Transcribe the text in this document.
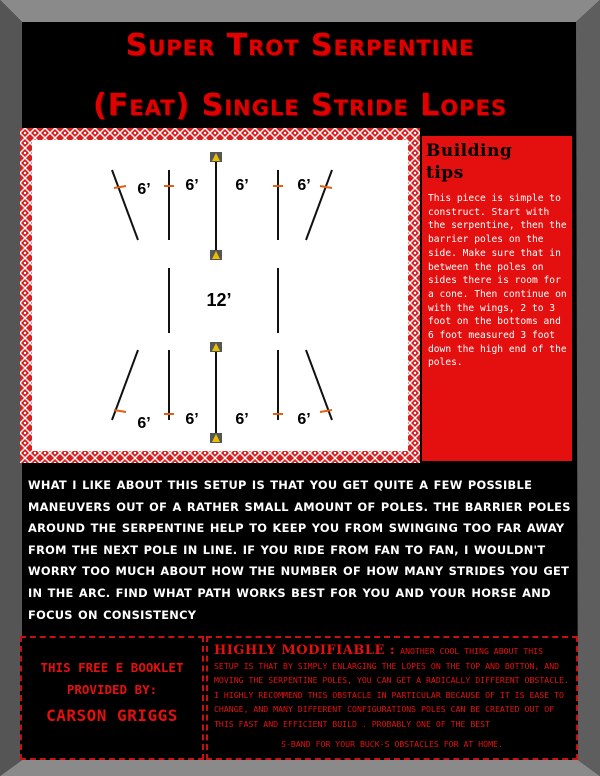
Super Trot Serpentine
(Feat) Single Stride Lopes
6’ 6’ 6’	6’
12’
6’ 6’ 6’	6’
Building
tips

This piece is simple to construct. Start with the serpentine, then the barrier poles on the side. Make sure that in between the poles on sides there is room for a cone. Then continue on with the wings, 2 to 3 foot on the bottoms and 6 foot measured 3 foot down the high end of the poles.

WHAT I LIKE ABOUT THIS SETUP IS THAT YOU GET QUITE A FEW POSSIBLE MANEUVERS OUT OF A RATHER SMALL AMOUNT OF POLES. THE BARRIER POLES AROUND THE SERPENTINE HELP TO KEEP YOU FROM SWINGING TOO FAR AWAY FROM THE NEXT POLE IN LINE. IF YOU RIDE FROM FAN TO FAN, I WOULDN'T WORRY TOO MUCH ABOUT HOW THE NUMBER OF HOW MANY STRIDES YOU GET IN THE ARC. FIND WHAT PATH WORKS BEST FOR YOU AND YOUR HORSE AND FOCUS ON CONSISTENCY
THIS FREE E BOOKLET
PROVIDED BY:
CARSON GRIGGS
HIGHLY MODIFIABLE : ANOTHER COOL THING ABOUT THIS SETUP IS THAT BY SIMPLY ENLARGING THE LOPES ON THE TOP AND BOTTON, AND MOVING THE SERPENTINE POLES, YOU CAN GET A RADICALLY DIFFERENT OBSTACLE. I HIGHLY RECOMMEND THIS OBSTACLE IN PARTICULAR BECAUSE OF IT IS EASE TO CHANGE, AND MANY DIFFERENT CONFIGURATIONS POLES CAN BE CREATED OUT OF THIS FAST AND EFFICIENT BUILD . PROBABLY ONE OF THE BEST
S-BAND FOR YOUR BUCK-S OBSTACLES FOR AT HOME.
